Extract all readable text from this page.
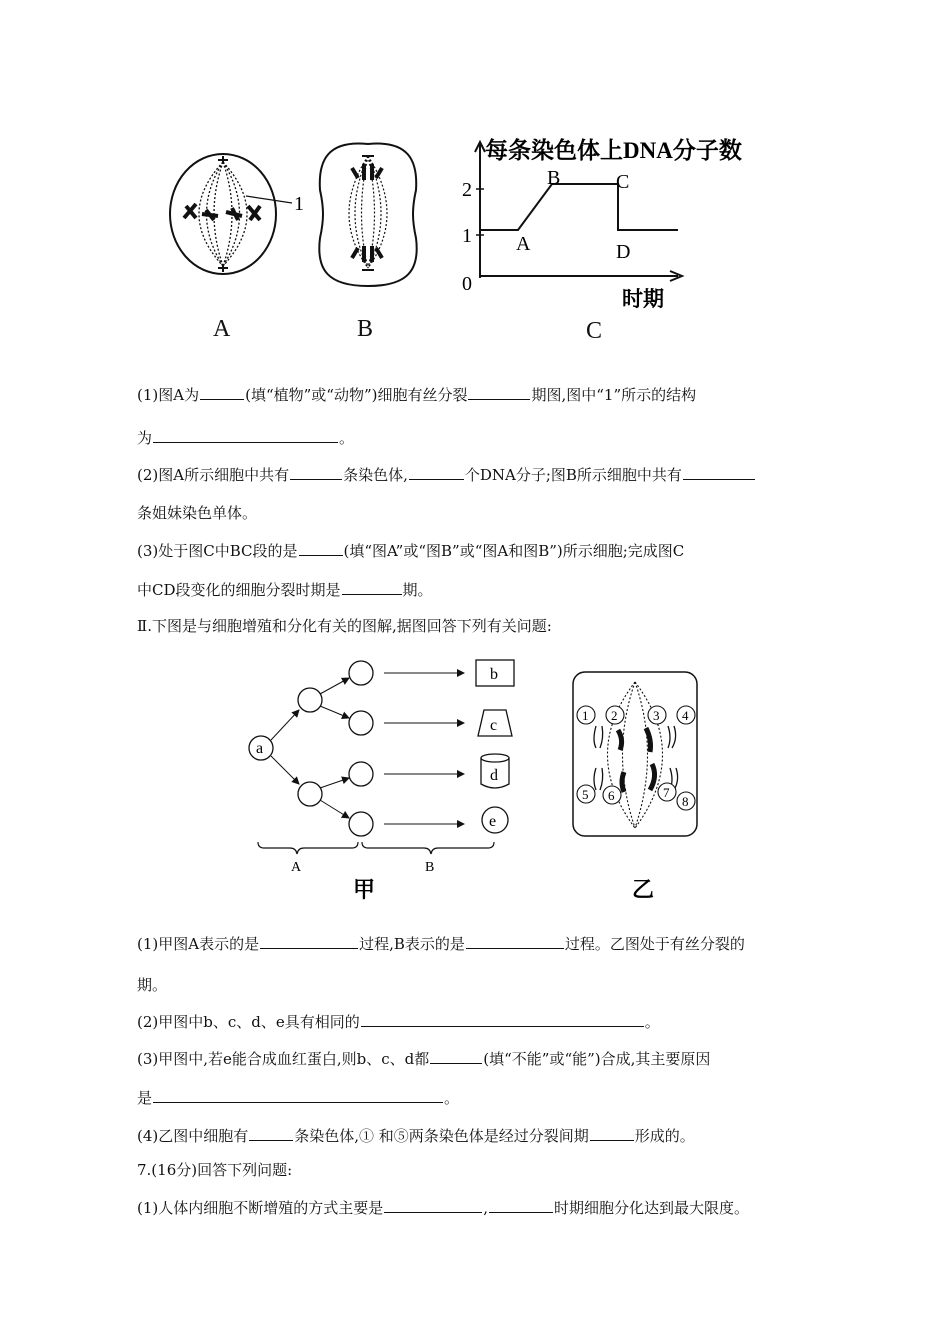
1
1
2
0
每条染色体上DNA分子数
时期
A
B	C
D
A	B	C
(1)图A为	(填“植物”或“动物”)细胞有丝分裂	期图,图中“1”所示的结构
为	。
(2)图A所示细胞中共有	条染色体,	个DNA分子;图B所示细胞中共有
条姐妹染色单体。
(3)处于图C中BC段的是	(填“图A”或“图B”或“图A和图B”)所示细胞;完成图C
中CD段变化的细胞分裂时期是	期。
Ⅱ.下图是与细胞增殖和分化有关的图解,据图回答下列有关问题:
a
b
c
d
e
A	B
甲
1 2	3 4
5 6	7
8
乙
(1)甲图A表示的是	过程,B表示的是	过程。乙图处于有丝分裂的
期。
(2)甲图中b、c、d、e具有相同的	。
(3)甲图中,若e能合成血红蛋白,则b、c、d都	(填“不能”或“能”)合成,其主要原因
是	。
(4)乙图中细胞有	条染色体,① 和⑤两条染色体是经过分裂间期	形成的。
7.(16分)回答下列问题:
(1)人体内细胞不断增殖的方式主要是	,	时期细胞分化达到最大限度。
